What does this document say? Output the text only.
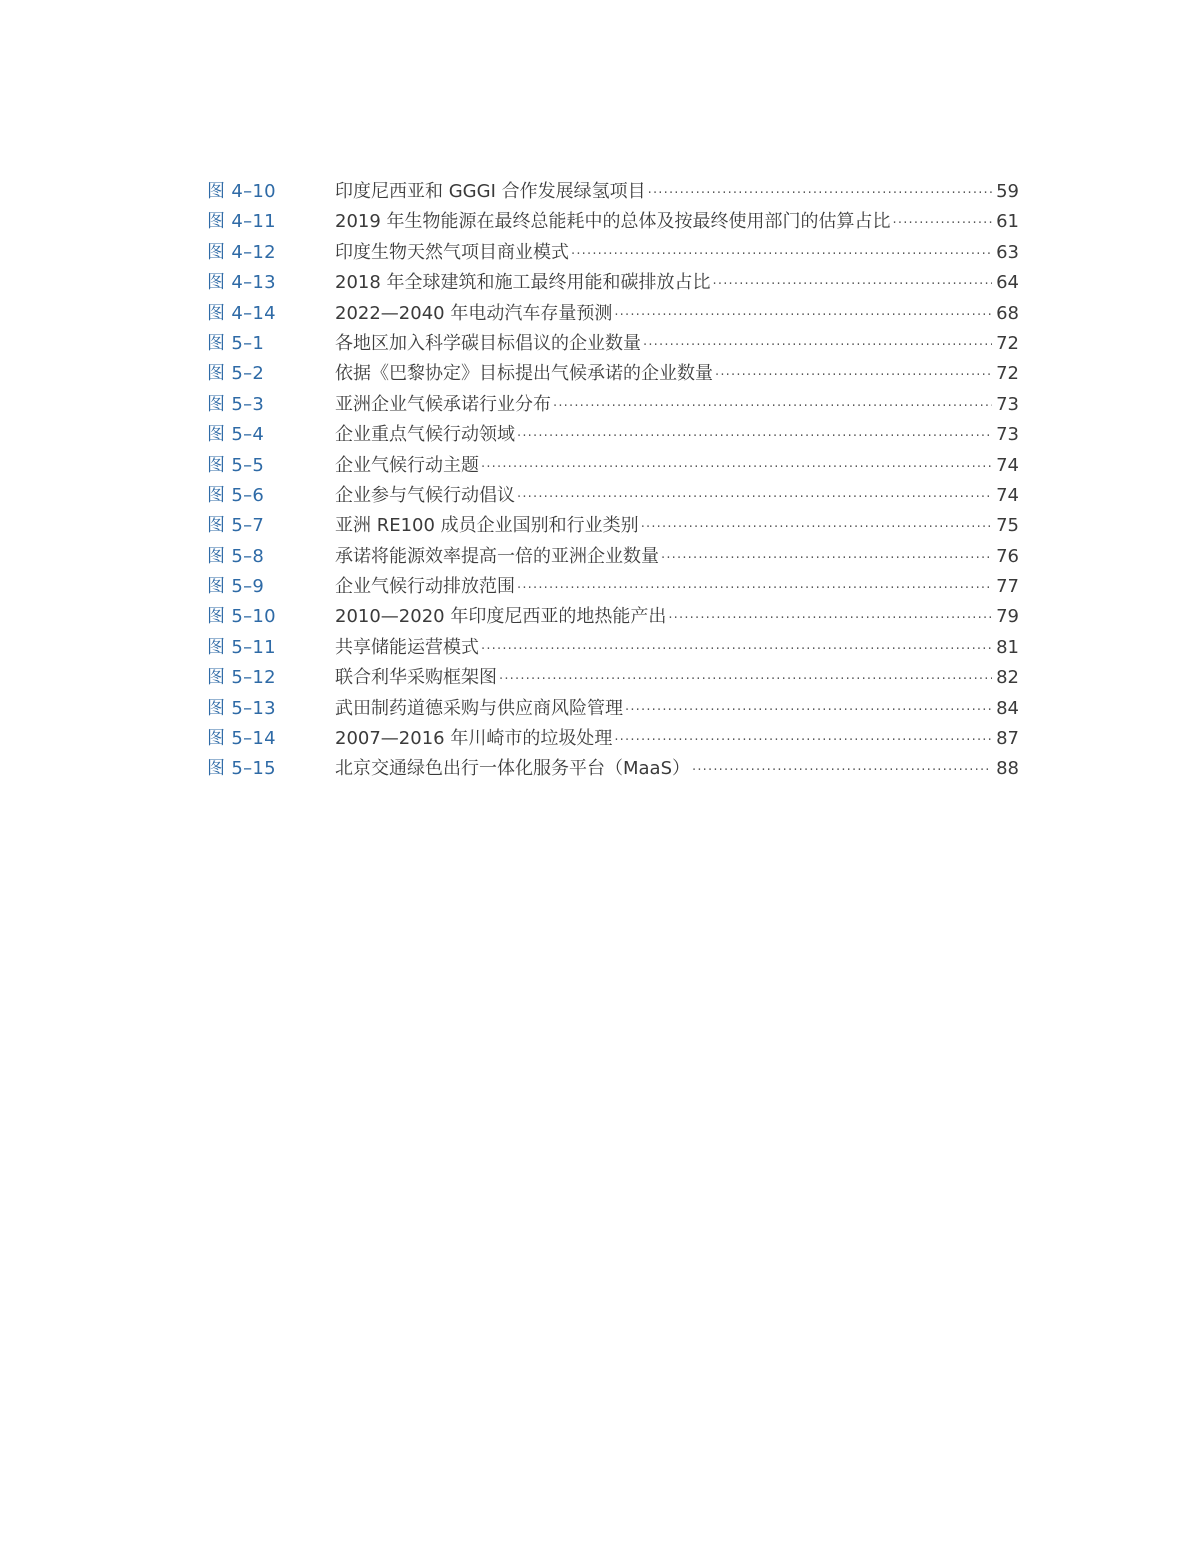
图 4–10	印度尼西亚和 GGGI 合作发展绿氢项目 ·····	59
图 4–11	2019 年生物能源在最终总能耗中的总体及按最终使用部门的估算占比 ·····	61
图 4–12	印度生物天然气项目商业模式 ·····	63
图 4–13	2018 年全球建筑和施工最终用能和碳排放占比 ·····	64
图 4–14	2022—2040 年电动汽车存量预测 ·····	68
图 5–1	各地区加入科学碳目标倡议的企业数量 ·····	72
图 5–2	依据《巴黎协定》目标提出气候承诺的企业数量 ·····	72
图 5–3	亚洲企业气候承诺行业分布 ·····	73
图 5–4	企业重点气候行动领域 ·····	73
图 5–5	企业气候行动主题 ·····	74
图 5–6	企业参与气候行动倡议 ·····	74
图 5–7	亚洲 RE100 成员企业国别和行业类别 ·····	75
图 5–8	承诺将能源效率提高一倍的亚洲企业数量 ·····	76
图 5–9	企业气候行动排放范围 ·····	77
图 5–10	2010—2020 年印度尼西亚的地热能产出 ·····	79
图 5–11	共享储能运营模式 ·····	81
图 5–12	联合利华采购框架图 ·····	82
图 5–13	武田制药道德采购与供应商风险管理 ·····	84
图 5–14	2007—2016 年川崎市的垃圾处理 ·····	87
图 5–15	北京交通绿色出行一体化服务平台（MaaS） ·····	88
